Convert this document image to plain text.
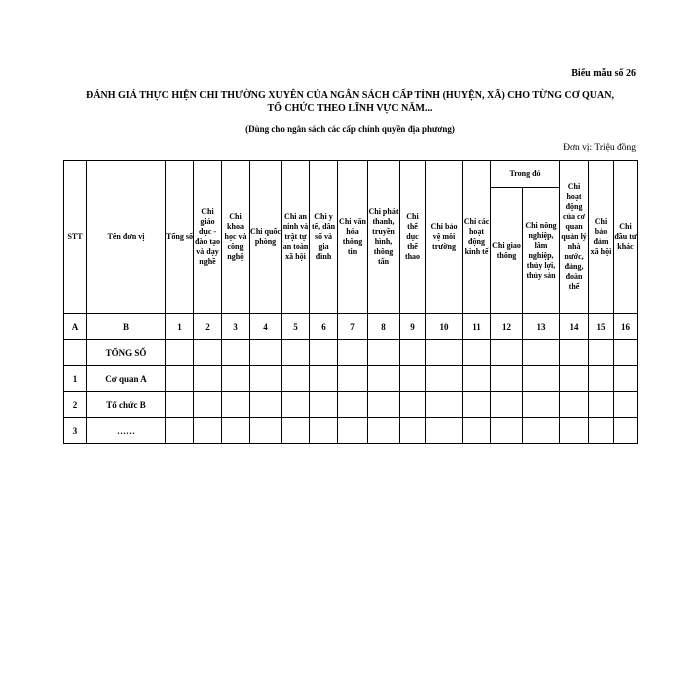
Biểu mẫu số 26
ĐÁNH GIÁ THỰC HIỆN CHI THƯỜNG XUYÊN CỦA NGÂN SÁCH CẤP TỈNH (HUYỆN, XÃ) CHO TỪNG CƠ QUAN,
TỔ CHỨC THEO LĨNH VỰC NĂM...
(Dùng cho ngân sách các cấp chính quyền địa phương)
Đơn vị: Triệu đồng
STT	Tên đơn vị	Tổng số	Chi giáo dục - đào tạo và dạy nghề	Chi khoa học và công nghệ	Chi quốc phòng	Chi an ninh và trật tự an toàn xã hội	Chi y tế, dân số và gia đình	Chi văn hóa thông tin	Chi phát thanh, truyền hình, thông tấn	Chi thể dục thể thao	Chi bảo vệ môi trường	Chi các hoạt động kinh tế	Trong đó		Chi hoạt động của cơ quan quản lý nhà nước, đảng, đoàn thể	Chi bảo đảm xã hội	Chi đầu tư khác
													Chi giao thông	Chi nông nghiệp, lâm nghiệp, thủy lợi, thủy sản			
A	B	1	2	3	4	5	6	7	8	9	10	11	12	13	14	15	16
	TỔNG SỐ																
1	Cơ quan A																
2	Tổ chức B																
3	……																
